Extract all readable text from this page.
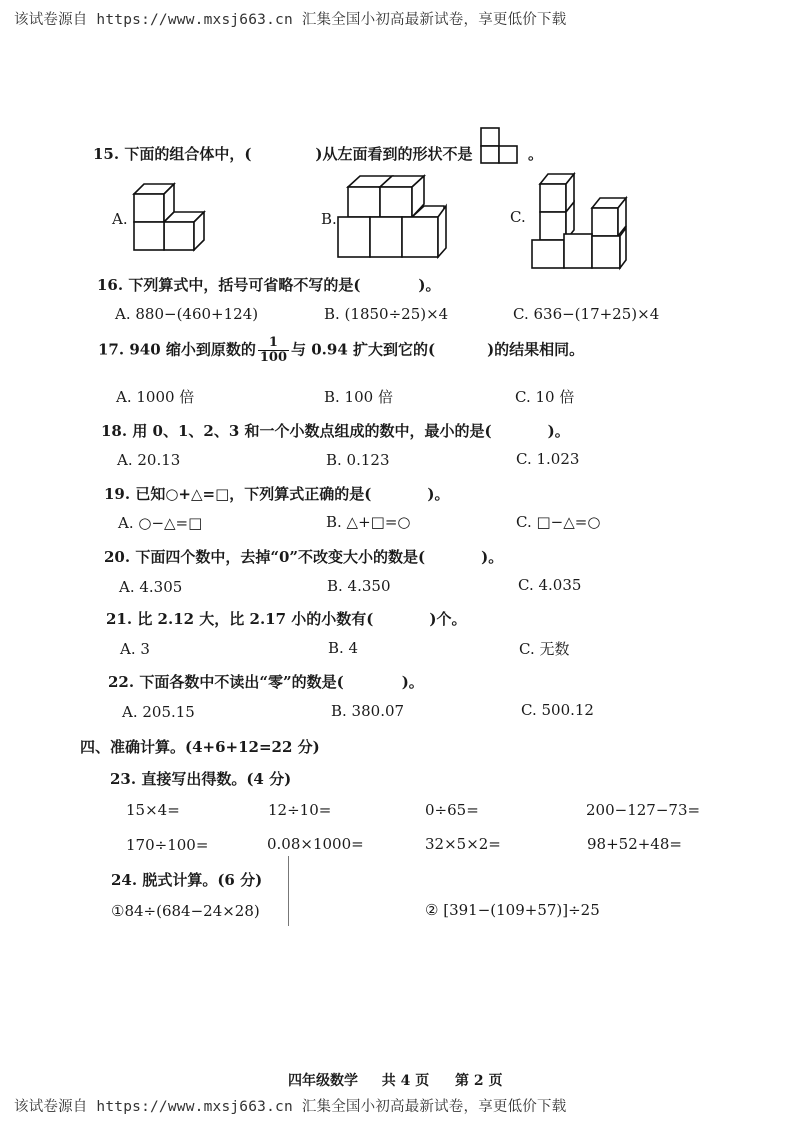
该试卷源自 https://www.mxsj663.cn 汇集全国小初高最新试卷，享更低价下载
15. 下面的组合体中，(	)从左面看到的形状不是	。
A.	B.	C.
16. 下列算式中，括号可省略不写的是(	)。
A. 880−(460+124)	B. (1850÷25)×4	C. 636−(17+25)×4
17. 940 缩小到原数的 $\frac{1}{100}$ 与 0.94 扩大到它的(	)的结果相同。
A. 1000 倍	B. 100 倍	C. 10 倍
18. 用 0、1、2、3 和一个小数点组成的数中，最小的是(	)。
A. 20.13	B. 0.123	C. 1.023
19. 已知○+△=□，下列算式正确的是(	)。
A. ○−△=□	B. △+□=○	C. □−△=○
20. 下面四个数中，去掉“0”不改变大小的数是(	)。
A. 4.305	B. 4.350	C. 4.035
21. 比 2.12 大，比 2.17 小的小数有(	)个。
A. 3	B. 4	C. 无数
22. 下面各数中不读出“零”的数是(	)。
A. 205.15	B. 380.07	C. 500.12
四、准确计算。(4+6+12=22 分)
23. 直接写出得数。(4 分)
15×4=	12÷10=	0÷65=	200−127−73=
170÷100=	0.08×1000=	32×5×2=	98+52+48=
24. 脱式计算。(6 分)
①84÷(684−24×28)	② [391−(109+57)]÷25
四年级数学 共 4 页 第 2 页
该试卷源自 https://www.mxsj663.cn 汇集全国小初高最新试卷，享更低价下载
